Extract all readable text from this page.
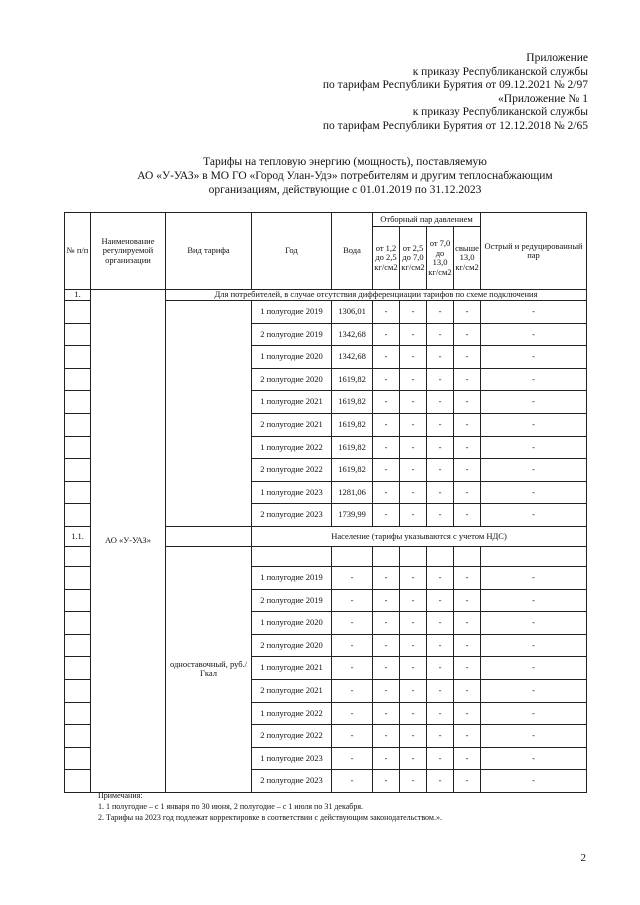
Приложение
к приказу Республиканской службы
по тарифам Республики Бурятия от 09.12.2021 № 2/97
«Приложение № 1
к приказу Республиканской службы
по тарифам Республики Бурятия от 12.12.2018 № 2/65
Тарифы на тепловую энергию (мощность), поставляемую
АО «У-УАЗ» в МО ГО «Город Улан-Удэ» потребителям и другим теплоснабжающим
организациям, действующие с 01.01.2019 по 31.12.2023
№ п/п	Наименование регулируемой организации	Вид тарифа	Год	Вода	Отборный пар давлением				Острый и редуцированный пар
					от 1,2 до 2,5 кг/см2	от 2,5 до 7,0 кг/см2	от 7,0 до 13,0 кг/см2	свыше 13,0 кг/см2	
1.	АО «У-УАЗ»	Для потребителей, в случае отсутствия дифференциации тарифов по схеме подключения							
			1 полугодие 2019	1306,01	-	-	-	-	-
			2 полугодие 2019	1342,68	-	-	-	-	-
			1 полугодие 2020	1342,68	-	-	-	-	-
			2 полугодие 2020	1619,82	-	-	-	-	-
			1 полугодие 2021	1619,82	-	-	-	-	-
			2 полугодие 2021	1619,82	-	-	-	-	-
			1 полугодие 2022	1619,82	-	-	-	-	-
			2 полугодие 2022	1619,82	-	-	-	-	-
			1 полугодие 2023	1281,06	-	-	-	-	-
			2 полугодие 2023	1739,99	-	-	-	-	-
1.1.			Население (тарифы указываются с учетом НДС)						
		одноставочный, руб./Гкал							
			1 полугодие 2019	-	-	-	-	-	-
			2 полугодие 2019	-	-	-	-	-	-
			1 полугодие 2020	-	-	-	-	-	-
			2 полугодие 2020	-	-	-	-	-	-
			1 полугодие 2021	-	-	-	-	-	-
			2 полугодие 2021	-	-	-	-	-	-
			1 полугодие 2022	-	-	-	-	-	-
			2 полугодие 2022	-	-	-	-	-	-
			1 полугодие 2023	-	-	-	-	-	-
			2 полугодие 2023	-	-	-	-	-	-
Примечания:
1. 1 полугодие – с 1 января по 30 июня, 2 полугодие – с 1 июля по 31 декабря.
2. Тарифы на 2023 год подлежат корректировке в соответствии с действующим законодательством.».
2
